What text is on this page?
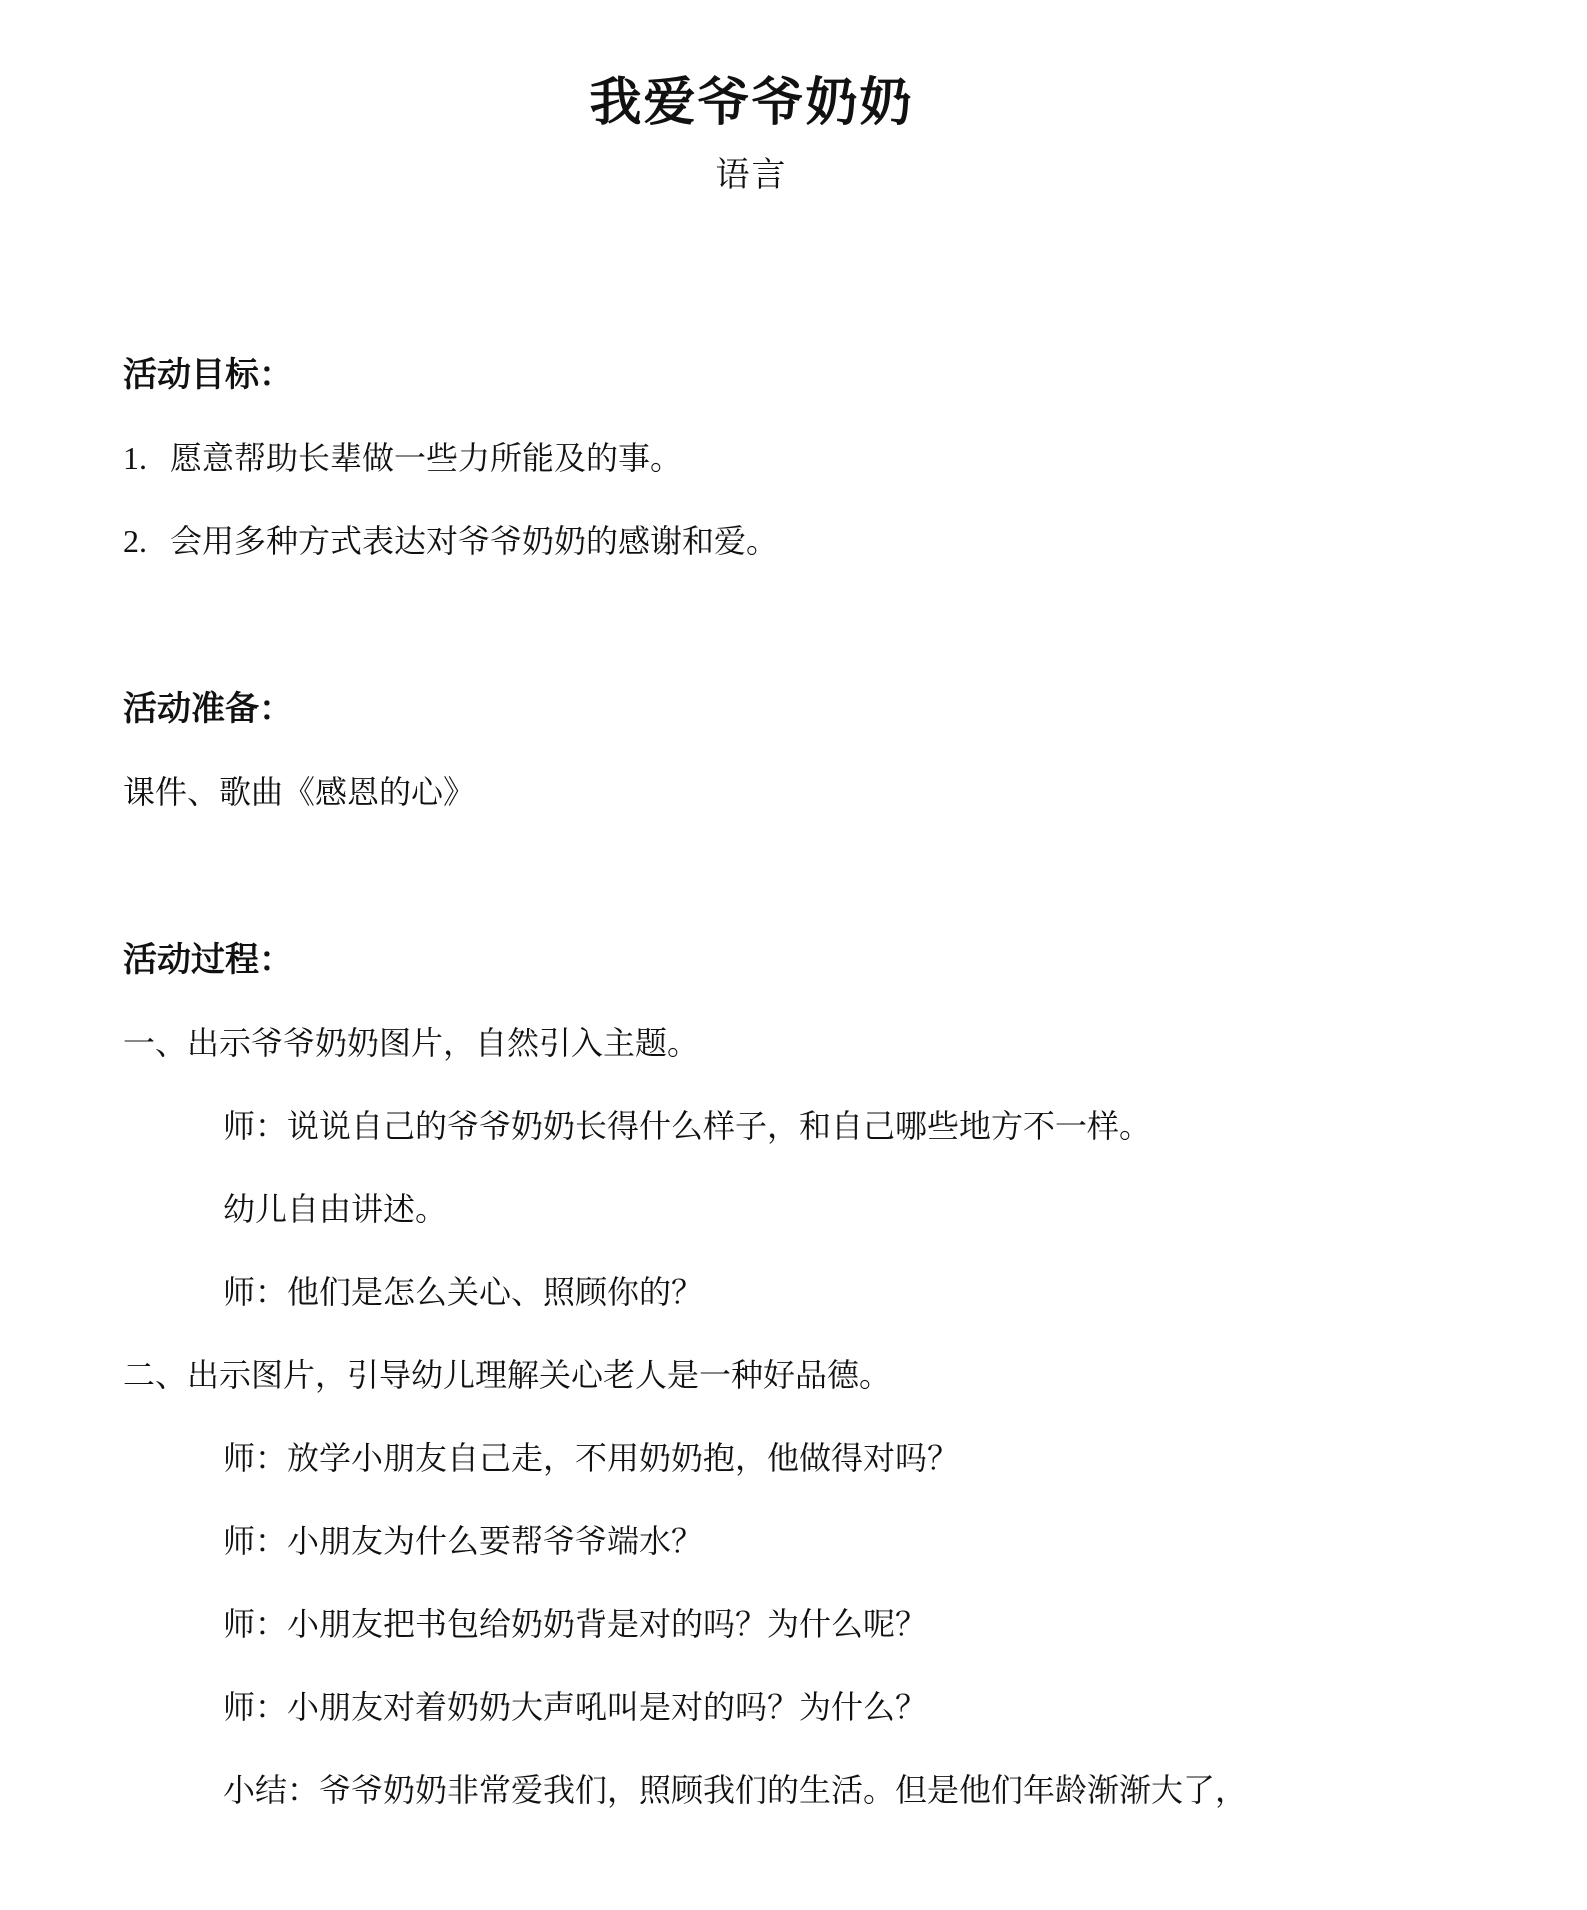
我爱爷爷奶奶
语言

活动目标：

1. 愿意帮助长辈做一些力所能及的事。

2. 会用多种方式表达对爷爷奶奶的感谢和爱。

活动准备：

课件、歌曲《感恩的心》

活动过程：

一、出示爷爷奶奶图片，自然引入主题。

师：说说自己的爷爷奶奶长得什么样子，和自己哪些地方不一样。

幼儿自由讲述。

师：他们是怎么关心、照顾你的？

二、出示图片，引导幼儿理解关心老人是一种好品德。

师：放学小朋友自己走，不用奶奶抱，他做得对吗？

师：小朋友为什么要帮爷爷端水？

师：小朋友把书包给奶奶背是对的吗？为什么呢？

师：小朋友对着奶奶大声吼叫是对的吗？为什么？

小结：爷爷奶奶非常爱我们，照顾我们的生活。但是他们年龄渐渐大了，
